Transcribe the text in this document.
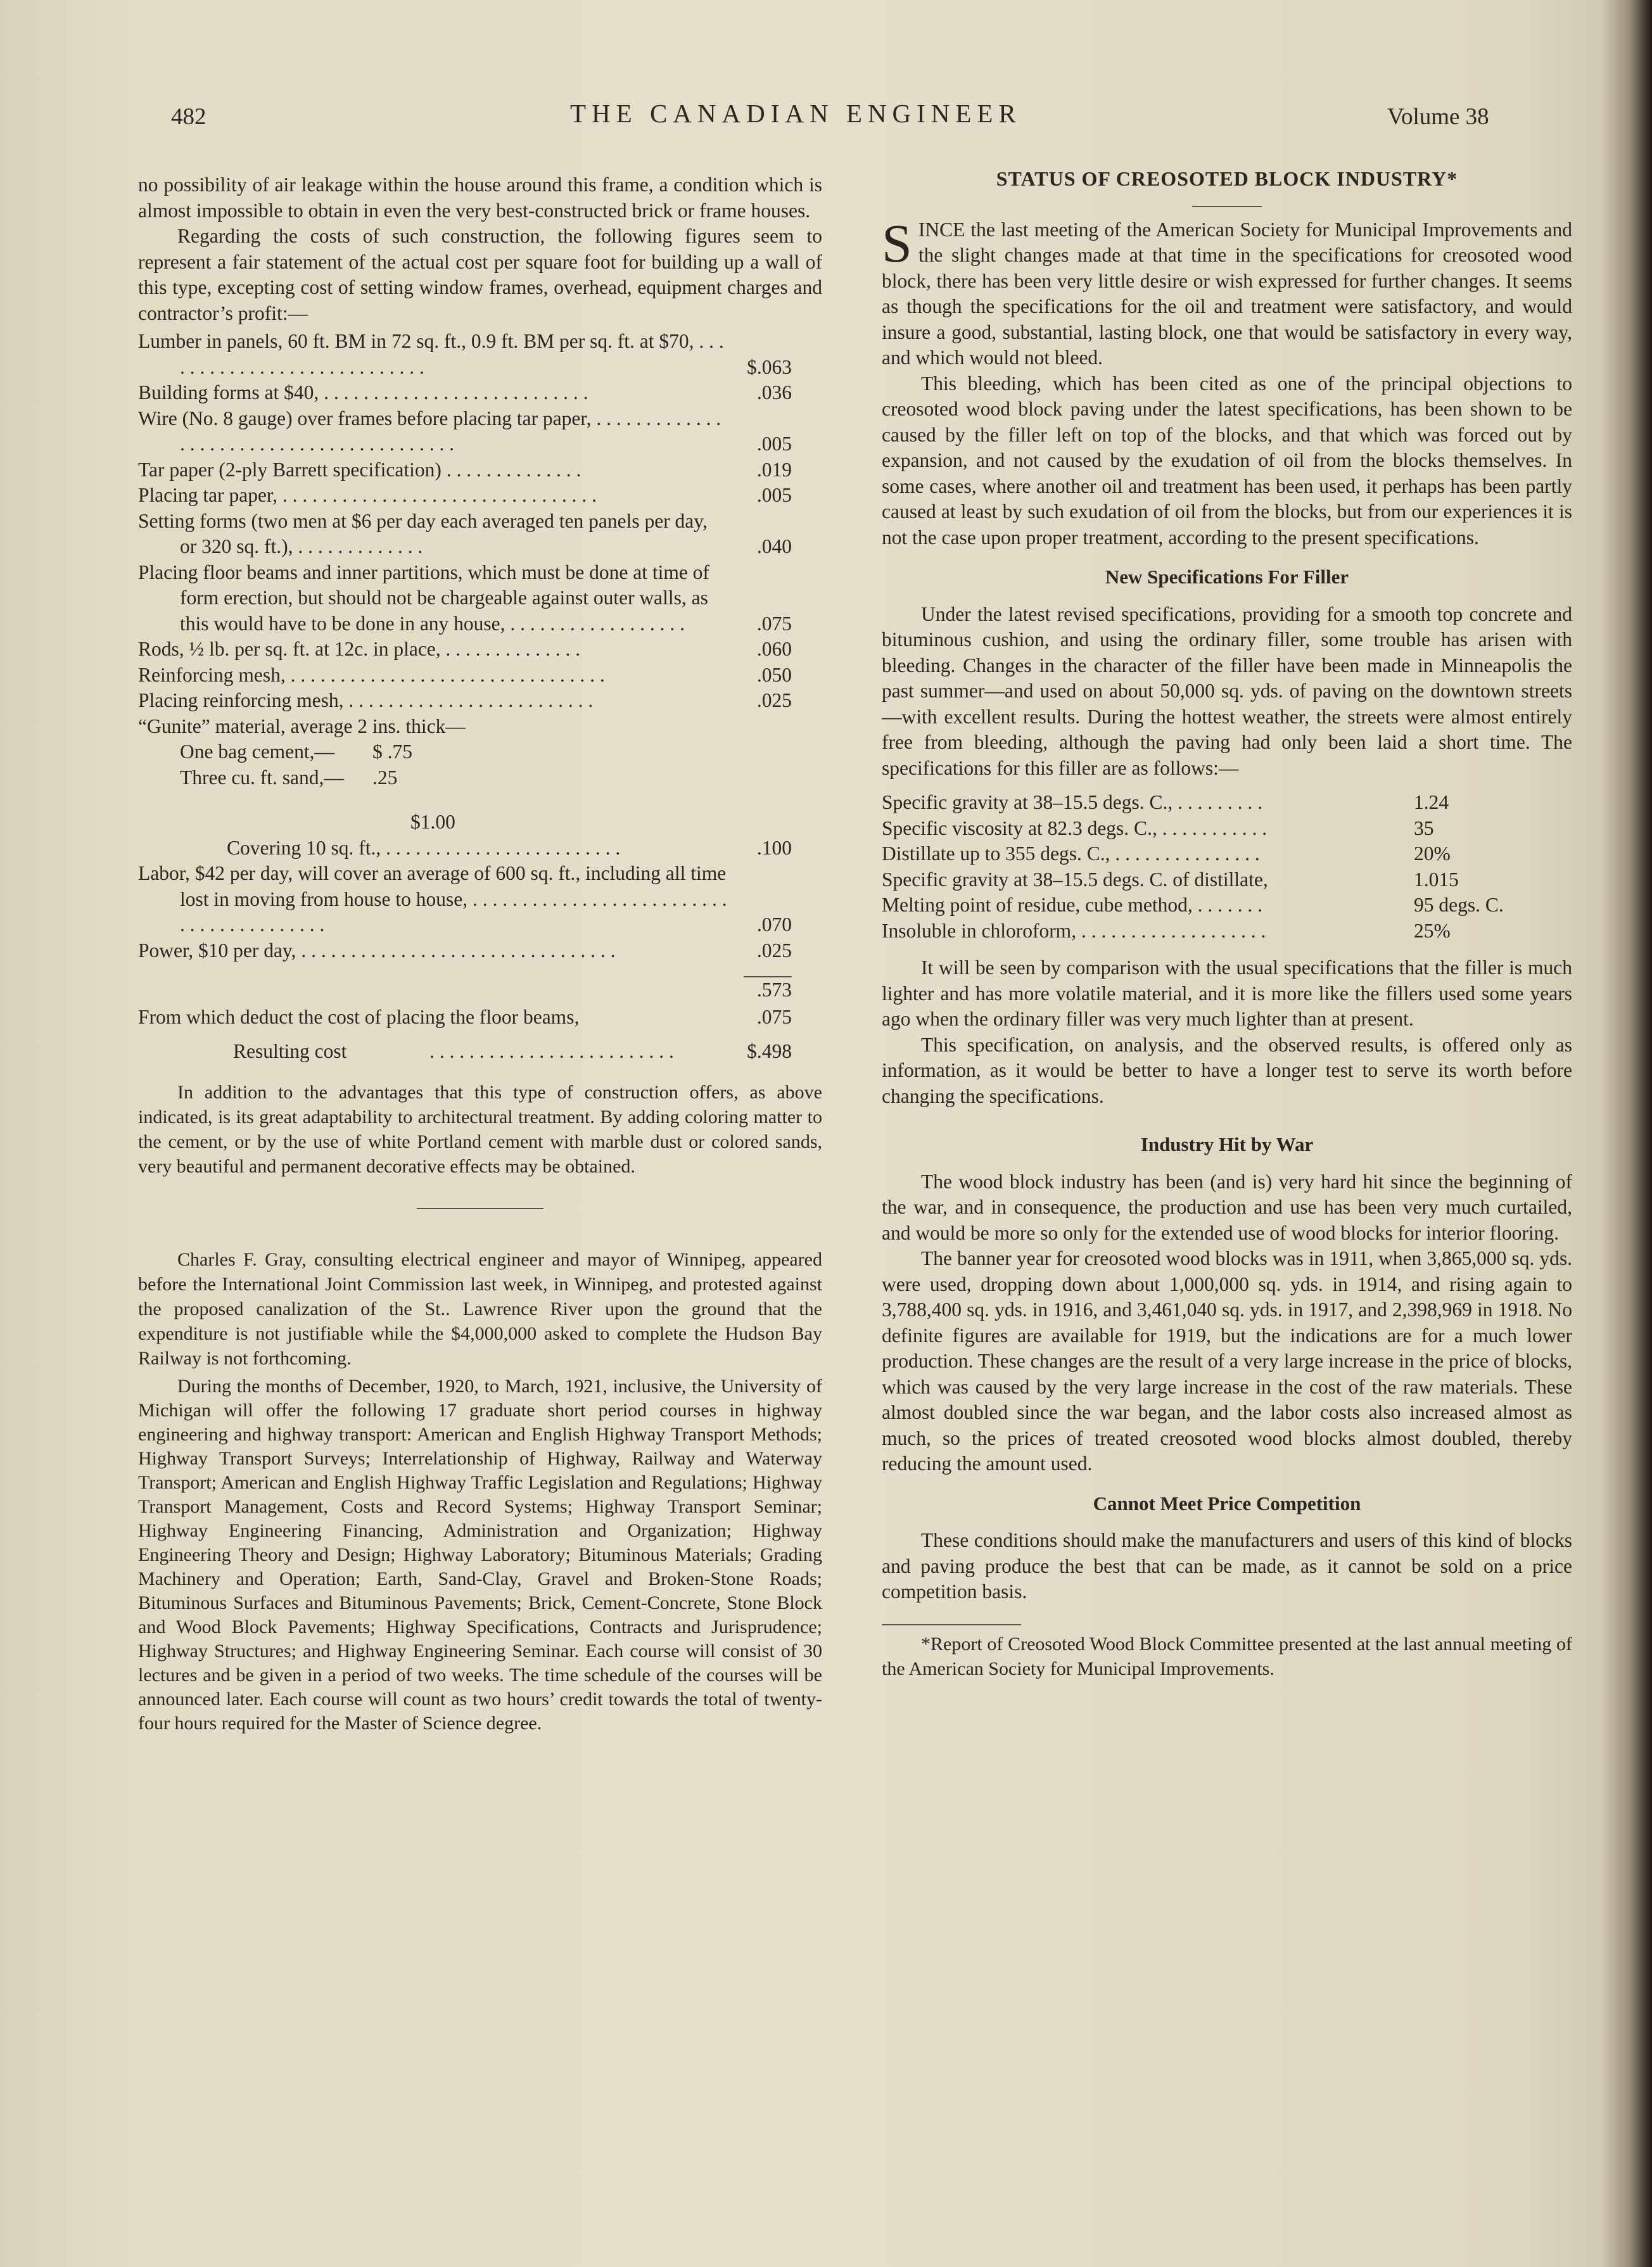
482	THE CANADIAN ENGINEER	Volume 38

no possibility of air leakage within the house around this frame, a condition which is almost impossible to obtain in even the very best-constructed brick or frame houses.

Regarding the costs of such construction, the following figures seem to represent a fair statement of the actual cost per square foot for building up a wall of this type, excepting cost of setting window frames, overhead, equipment charges and contractor’s profit:—

Lumber in panels, 60 ft. BM in 72 sq. ft., 0.9 ft. BM per sq. ft. at $70, . . . . . . . . . . . . . . . . . . . . . . . . . . . .	$.063
Building forms at $40, . . . . . . . . . . . . . . . . . . . . . . . . . . .	.036
Wire (No. 8 gauge) over frames before placing tar paper, . . . . . . . . . . . . . . . . . . . . . . . . . . . . . . . . . . . . . . . . .	.005
Tar paper (2-ply Barrett specification) . . . . . . . . . . . . . .	.019
Placing tar paper, . . . . . . . . . . . . . . . . . . . . . . . . . . . . . . . .	.005
Setting forms (two men at $6 per day each averaged ten panels per day, or 320 sq. ft.), . . . . . . . . . . . . .	.040
Placing floor beams and inner partitions, which must be done at time of form erection, but should not be chargeable against outer walls, as this would have to be done in any house, . . . . . . . . . . . . . . . . . .	.075
Rods, ½ lb. per sq. ft. at 12c. in place, . . . . . . . . . . . . . .	.060
Reinforcing mesh, . . . . . . . . . . . . . . . . . . . . . . . . . . . . . . . .	.050
Placing reinforcing mesh, . . . . . . . . . . . . . . . . . . . . . . . . .	.025
“Gunite” material, average 2 ins. thick—
One bag cement,— $ .75
Three cu. ft. sand,— .25
$1.00
Covering 10 sq. ft., . . . . . . . . . . . . . . . . . . . . . . . .	.100
Labor, $42 per day, will cover an average of 600 sq. ft., including all time lost in moving from house to house, . . . . . . . . . . . . . . . . . . . . . . . . . . . . . . . . . . . . . . . . .	.070
Power, $10 per day, . . . . . . . . . . . . . . . . . . . . . . . . . . . . . . . .	.025
.573
From which deduct the cost of placing the floor beams,	.075
Resulting cost	. . . . . . . . . . . . . . . . . . . . . . . . .	$.498

In addition to the advantages that this type of construction offers, as above indicated, is its great adaptability to architectural treatment. By adding coloring matter to the cement, or by the use of white Portland cement with marble dust or colored sands, very beautiful and permanent decorative effects may be obtained.

Charles F. Gray, consulting electrical engineer and mayor of Winnipeg, appeared before the International Joint Commission last week, in Winnipeg, and protested against the proposed canalization of the St.. Lawrence River upon the ground that the expenditure is not justifiable while the $4,000,000 asked to complete the Hudson Bay Railway is not forthcoming.

During the months of December, 1920, to March, 1921, inclusive, the University of Michigan will offer the following 17 graduate short period courses in highway engineering and highway transport: American and English Highway Transport Methods; Highway Transport Surveys; Interrelationship of Highway, Railway and Waterway Transport; American and English Highway Traffic Legislation and Regulations; Highway Transport Management, Costs and Record Systems; Highway Transport Seminar; Highway Engineering Financing, Administration and Organization; Highway Engineering Theory and Design; Highway Laboratory; Bituminous Materials; Grading Machinery and Operation; Earth, Sand-Clay, Gravel and Broken-Stone Roads; Bituminous Surfaces and Bituminous Pavements; Brick, Cement-Concrete, Stone Block and Wood Block Pavements; Highway Specifications, Contracts and Jurisprudence; Highway Structures; and Highway Engineering Seminar. Each course will consist of 30 lectures and be given in a period of two weeks. The time schedule of the courses will be announced later. Each course will count as two hours’ credit towards the total of twenty-four hours required for the Master of Science degree.

STATUS OF CREOSOTED BLOCK INDUSTRY*

SINCE the last meeting of the American Society for Municipal Improvements and the slight changes made at that time in the specifications for creosoted wood block, there has been very little desire or wish expressed for further changes. It seems as though the specifications for the oil and treatment were satisfactory, and would insure a good, substantial, lasting block, one that would be satisfactory in every way, and which would not bleed.

This bleeding, which has been cited as one of the principal objections to creosoted wood block paving under the latest specifications, has been shown to be caused by the filler left on top of the blocks, and that which was forced out by expansion, and not caused by the exudation of oil from the blocks themselves. In some cases, where another oil and treatment has been used, it perhaps has been partly caused at least by such exudation of oil from the blocks, but from our experiences it is not the case upon proper treatment, according to the present specifications.

New Specifications For Filler

Under the latest revised specifications, providing for a smooth top concrete and bituminous cushion, and using the ordinary filler, some trouble has arisen with bleeding. Changes in the character of the filler have been made in Minneapolis the past summer—and used on about 50,000 sq. yds. of paving on the downtown streets—with excellent results. During the hottest weather, the streets were almost entirely free from bleeding, although the paving had only been laid a short time. The specifications for this filler are as follows:—

Specific gravity at 38–15.5 degs. C., . . . . . . . . .	1.24
Specific viscosity at 82.3 degs. C., . . . . . . . . . . .	35
Distillate up to 355 degs. C., . . . . . . . . . . . . . . .	20%
Specific gravity at 38–15.5 degs. C. of distillate,	1.015
Melting point of residue, cube method, . . . . . . .	95 degs. C.
Insoluble in chloroform, . . . . . . . . . . . . . . . . . . .	25%

It will be seen by comparison with the usual specifications that the filler is much lighter and has more volatile material, and it is more like the fillers used some years ago when the ordinary filler was very much lighter than at present.

This specification, on analysis, and the observed results, is offered only as information, as it would be better to have a longer test to serve its worth before changing the specifications.

Industry Hit by War

The wood block industry has been (and is) very hard hit since the beginning of the war, and in consequence, the production and use has been very much curtailed, and would be more so only for the extended use of wood blocks for interior flooring.

The banner year for creosoted wood blocks was in 1911, when 3,865,000 sq. yds. were used, dropping down about 1,000,000 sq. yds. in 1914, and rising again to 3,788,400 sq. yds. in 1916, and 3,461,040 sq. yds. in 1917, and 2,398,969 in 1918. No definite figures are available for 1919, but the indications are for a much lower production. These changes are the result of a very large increase in the price of blocks, which was caused by the very large increase in the cost of the raw materials. These almost doubled since the war began, and the labor costs also increased almost as much, so the prices of treated creosoted wood blocks almost doubled, thereby reducing the amount used.

Cannot Meet Price Competition

These conditions should make the manufacturers and users of this kind of blocks and paving produce the best that can be made, as it cannot be sold on a price competition basis.

*Report of Creosoted Wood Block Committee presented at the last annual meeting of the American Society for Municipal Improvements.
